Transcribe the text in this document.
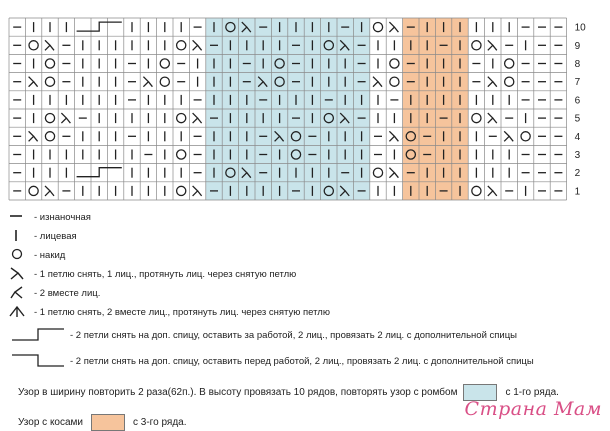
10
9
8
7
6
5
4
3
2
1
- изнаночная
- лицевая
- накид
- 1 петлю снять, 1 лиц., протянуть лиц. через снятую петлю
- 2 вместе лиц.
- 1 петлю снять, 2 вместе лиц., протянуть лиц. через снятую петлю
- 2 петли снять на доп. спицу, оставить за работой, 2 лиц., провязать 2 лиц. с дополнительной спицы
- 2 петли снять на доп. спицу, оставить перед работой, 2 лиц., провязать 2 лиц. с дополнительной спицы
Узор в ширину повторить 2 раза(62п.). В высоту провязать 10 рядов, повторять узор с ромбом	с 1-го ряда.
Узор с косами	с 3-го ряда.
Страна Мам
